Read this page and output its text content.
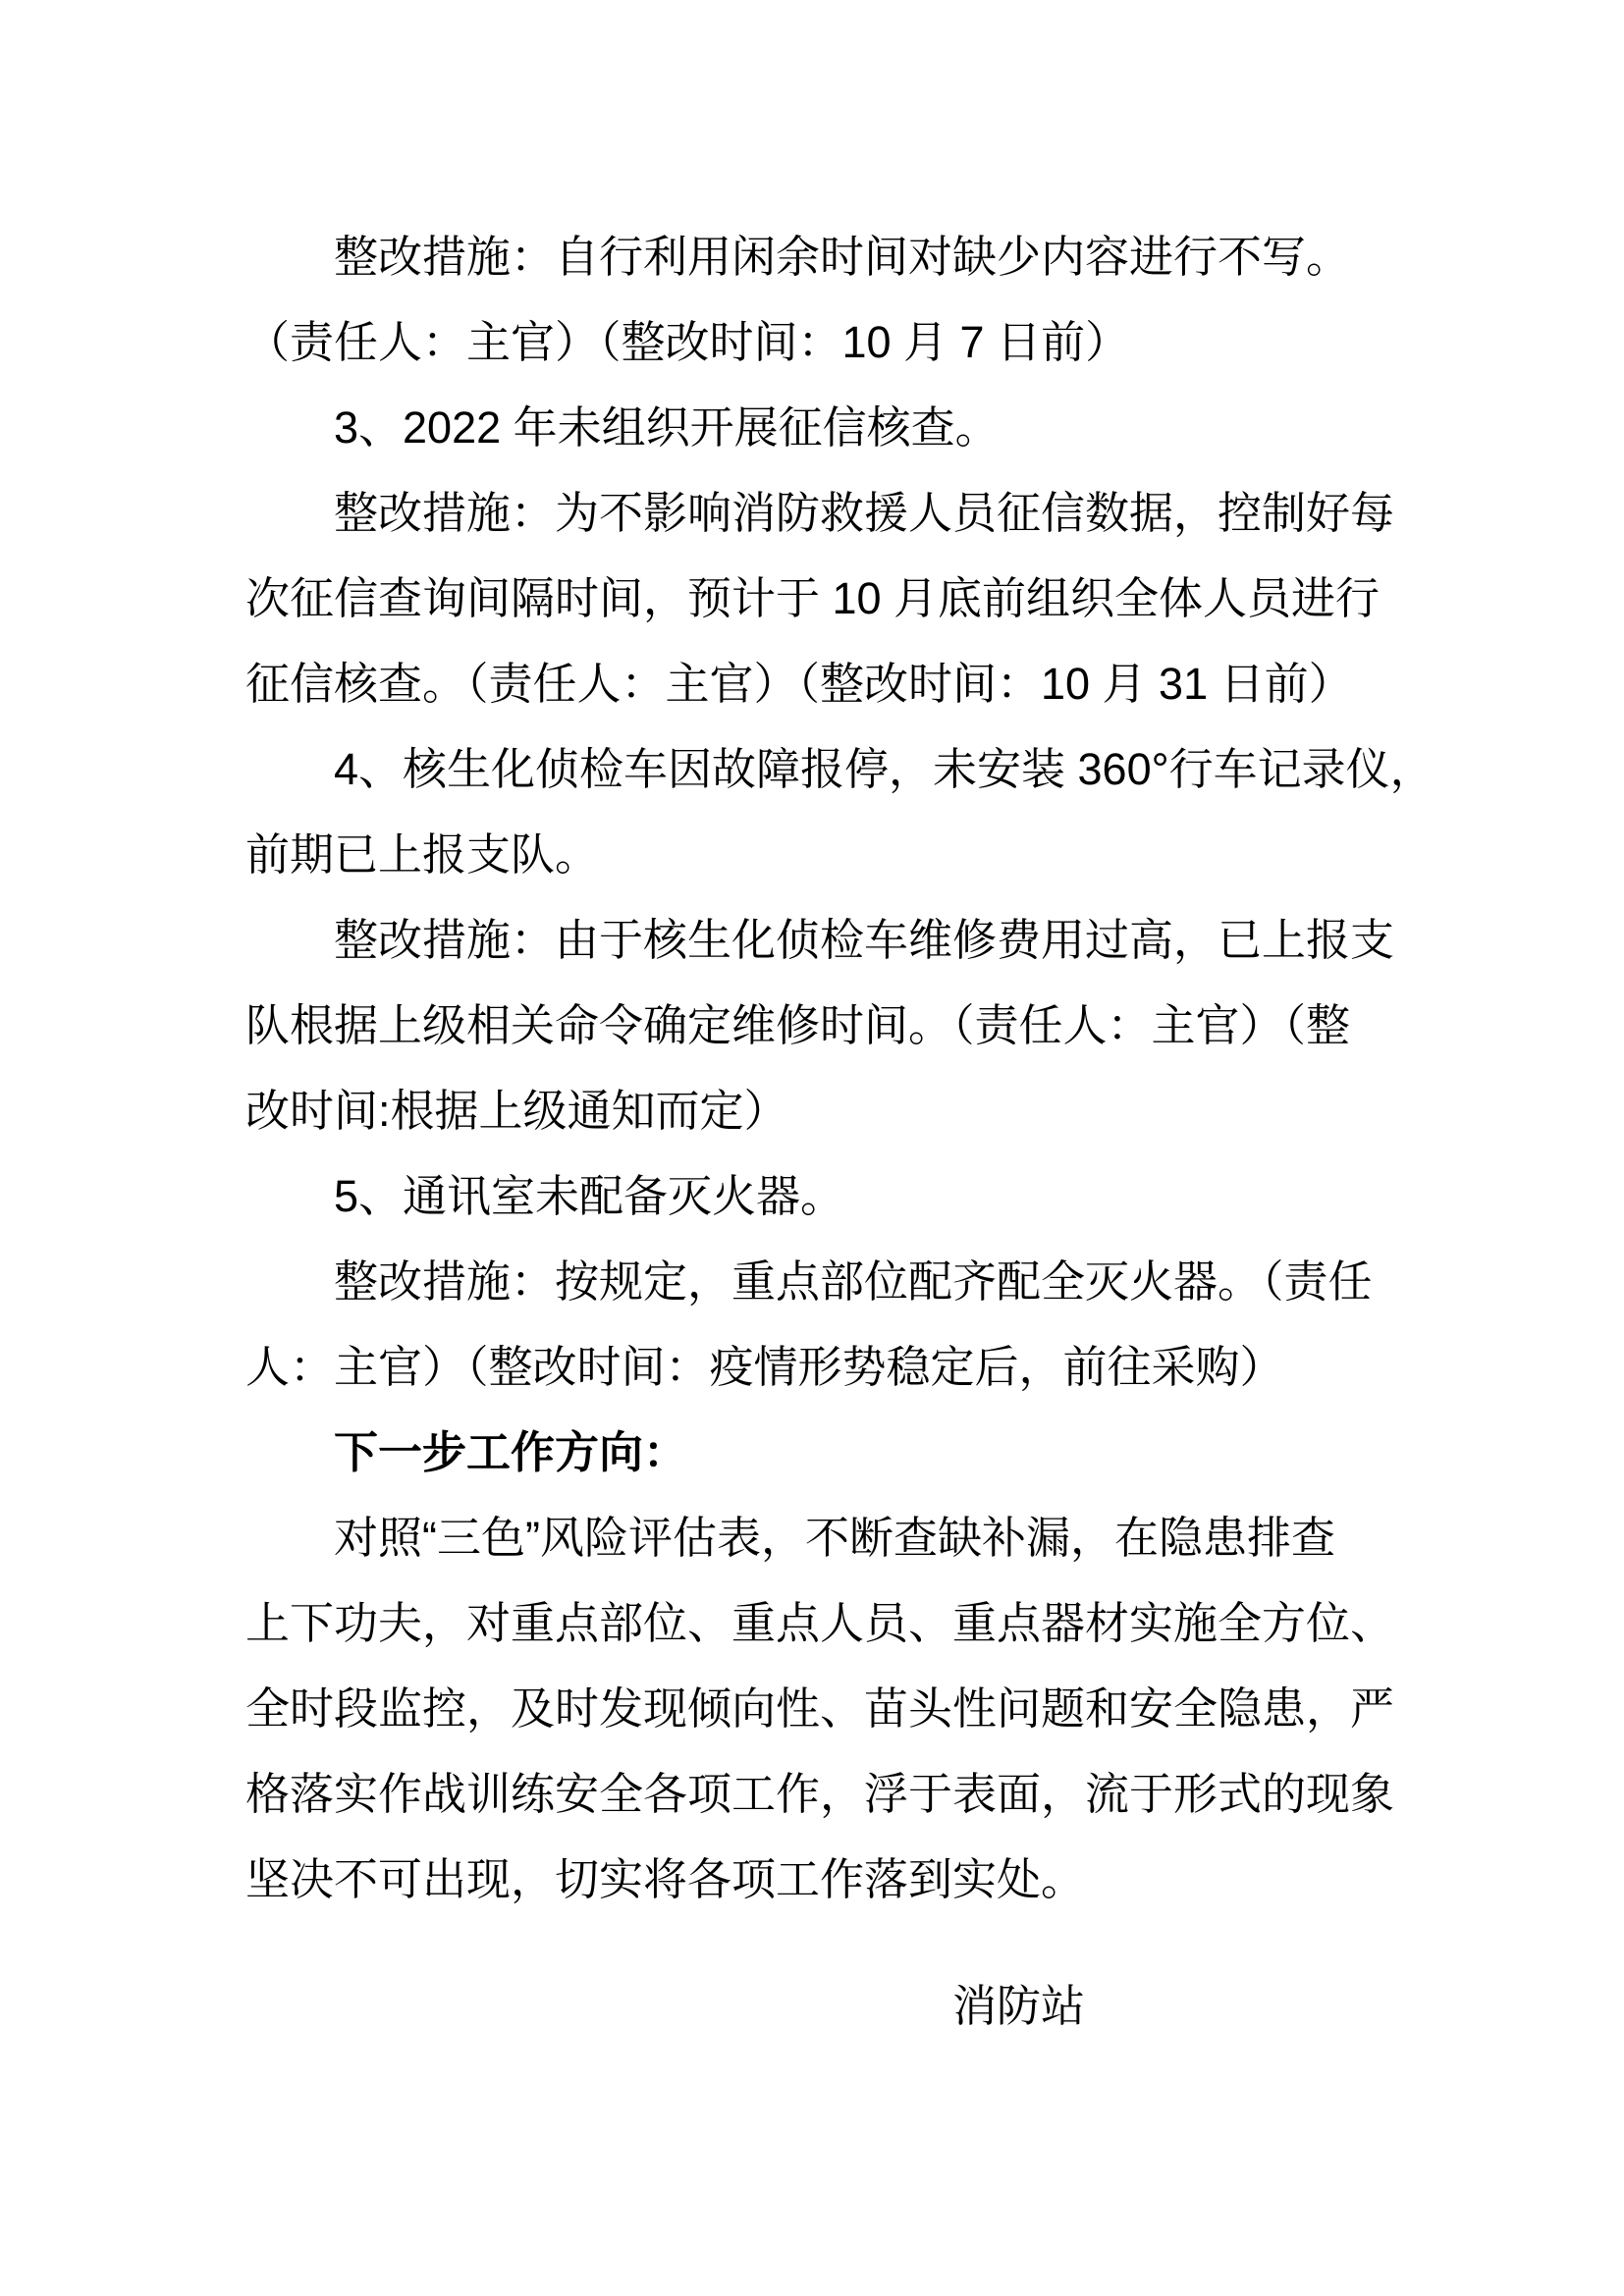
整改措施：自行利用闲余时间对缺少内容进行不写。
（责任人：主官）（整改时间：10 月 7 日前）
3、2022 年未组织开展征信核查。
整改措施：为不影响消防救援人员征信数据，控制好每
次征信查询间隔时间，预计于 10 月底前组织全体人员进行
征信核查。（责任人：主官）（整改时间：10 月 31 日前）
4、核生化侦检车因故障报停，未安装 360°行车记录仪，
前期已上报支队。
整改措施：由于核生化侦检车维修费用过高，已上报支
队根据上级相关命令确定维修时间。（责任人：主官）（整
改时间:根据上级通知而定）
5、通讯室未配备灭火器。
整改措施：按规定，重点部位配齐配全灭火器。（责任
人：主官）（整改时间：疫情形势稳定后，前往采购）
下一步工作方向：
对照“三色”风险评估表，不断查缺补漏，在隐患排查
上下功夫，对重点部位、重点人员、重点器材实施全方位、
全时段监控，及时发现倾向性、苗头性问题和安全隐患，严
格落实作战训练安全各项工作，浮于表面，流于形式的现象
坚决不可出现，切实将各项工作落到实处。
消防站
